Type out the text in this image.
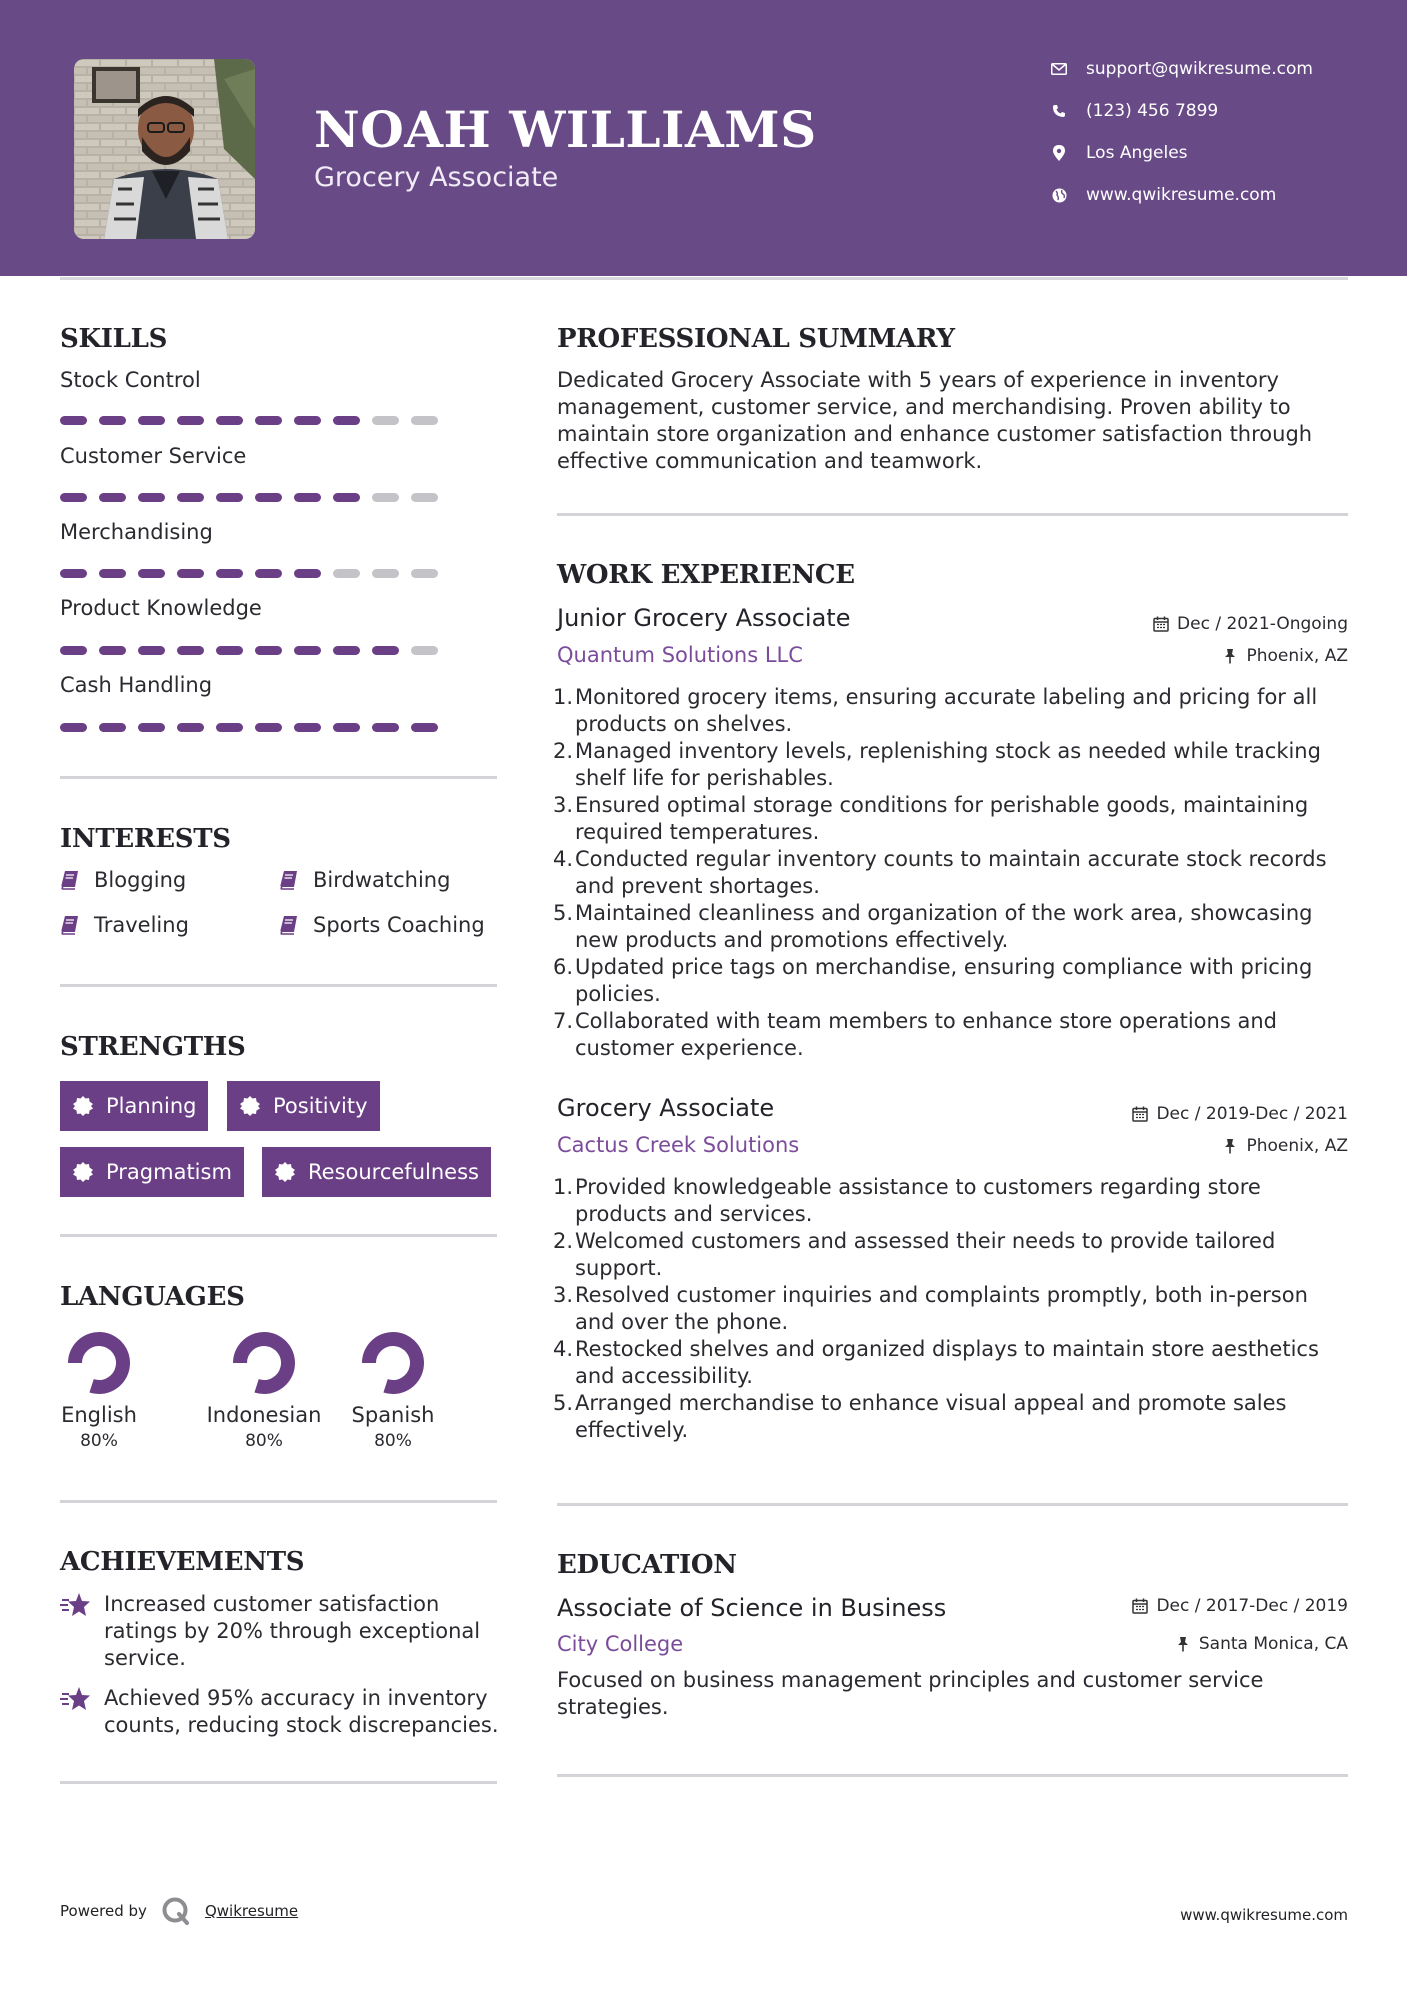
NOAH WILLIAMS
Grocery Associate
support@qwikresume.com
(123) 456 7899
Los Angeles
www.qwikresume.com
SKILLS
Stock Control
Customer Service
Merchandising
Product Knowledge
Cash Handling
INTERESTS
Blogging	Birdwatching
Traveling	Sports Coaching
STRENGTHS
Planning	Positivity
Pragmatism	Resourcefulness
LANGUAGES
English
80%
Indonesian
80%
Spanish
80%
ACHIEVEMENTS
Increased customer satisfaction ratings by 20% through exceptional service.
Achieved 95% accuracy in inventory counts, reducing stock discrepancies.
PROFESSIONAL SUMMARY
Dedicated Grocery Associate with 5 years of experience in inventory management, customer service, and merchandising. Proven ability to maintain store organization and enhance customer satisfaction through effective communication and teamwork.
WORK EXPERIENCE
Junior Grocery Associate	Dec / 2021-Ongoing
Quantum Solutions LLC	Phoenix, AZ
1. Monitored grocery items, ensuring accurate labeling and pricing for all products on shelves.
2. Managed inventory levels, replenishing stock as needed while tracking shelf life for perishables.
3. Ensured optimal storage conditions for perishable goods, maintaining required temperatures.
4. Conducted regular inventory counts to maintain accurate stock records and prevent shortages.
5. Maintained cleanliness and organization of the work area, showcasing new products and promotions effectively.
6. Updated price tags on merchandise, ensuring compliance with pricing policies.
7. Collaborated with team members to enhance store operations and customer experience.
Grocery Associate	Dec / 2019-Dec / 2021
Cactus Creek Solutions	Phoenix, AZ
1. Provided knowledgeable assistance to customers regarding store products and services.
2. Welcomed customers and assessed their needs to provide tailored support.
3. Resolved customer inquiries and complaints promptly, both in-person and over the phone.
4. Restocked shelves and organized displays to maintain store aesthetics and accessibility.
5. Arranged merchandise to enhance visual appeal and promote sales effectively.
EDUCATION
Associate of Science in Business	Dec / 2017-Dec / 2019
City College	Santa Monica, CA
Focused on business management principles and customer service strategies.
Powered by	Qwikresume	www.qwikresume.com
